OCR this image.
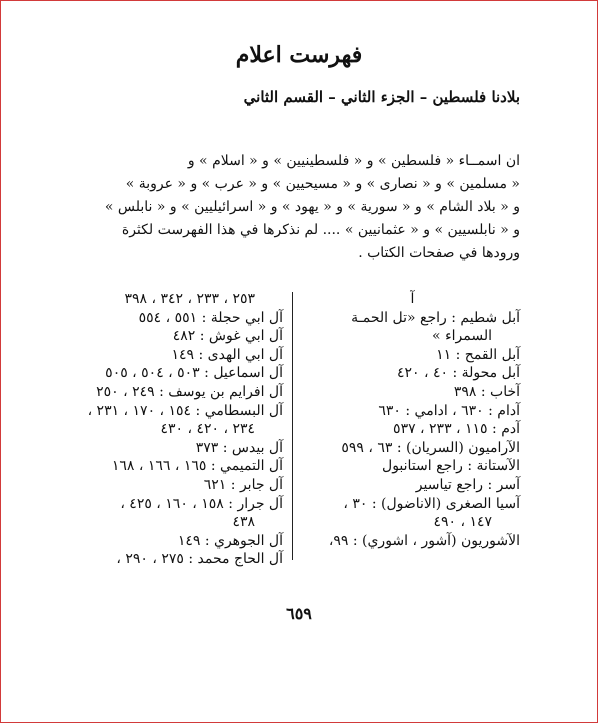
فهرست اعلام
بلادنا فلسطين – الجزء الثاني – القسم الثاني
ان اسمــاء « فلسطين » و « فلسطينيين » و « اسلام » و
« مسلمين » و « نصارى » و « مسيحيين » و « عرب » و « عروبة »
و « بلاد الشام » و « سورية » و « يهود » و « اسرائيليين » و « نابلس »
و « نابلسيين » و « عثمانيين » .... لم نذكرها في هذا الفهرست لكثرة
ورودها في صفحات الكتاب .
آ
آبل شطيم : راجع «تل الحمـة
السمراء »
آبل القمح : ١١
آبل محولة : ٤٠ ، ٤٢٠
آخاب : ٣٩٨
آدام : ٦٣٠ ، ادامي : ٦٣٠
آدم : ١١٥ ، ٢٣٣ ، ٥٣٧
الآراميون (السريان) : ٦٣ ، ٥٩٩
الآستانة : راجع استانبول
آسر : راجع تياسير
آسيا الصغرى (الاناضول) : ٣٠ ،
١٤٧ ، ٤٩٠
الآشوريون (آشور ، اشوري) : ٩٩،
٢٥٣ ، ٢٣٣ ، ٣٤٢ ، ٣٩٨
آل ابي حجلة : ٥٥١ ، ٥٥٤
آل ابي غوش : ٤٨٢
آل ابي الهدى : ١٤٩
آل اسماعيل : ٥٠٣ ، ٥٠٤ ، ٥٠٥
آل افرايم بن يوسف : ٢٤٩ ، ٢٥٠
آل البسطامي : ١٥٤ ، ١٧٠ ، ٢٣١ ،
٢٣٤ ، ٤٢٠ ، ٤٣٠
آل بيدس : ٣٧٣
آل التميمي : ١٦٥ ، ١٦٦ ، ١٦٨
آل جابر : ٦٢١
آل جرار : ١٥٨ ، ١٦٠ ، ٤٢٥ ،
٤٣٨
آل الجوهري : ١٤٩
آل الحاج محمد : ٢٧٥ ، ٢٩٠ ،
٦٥٩
